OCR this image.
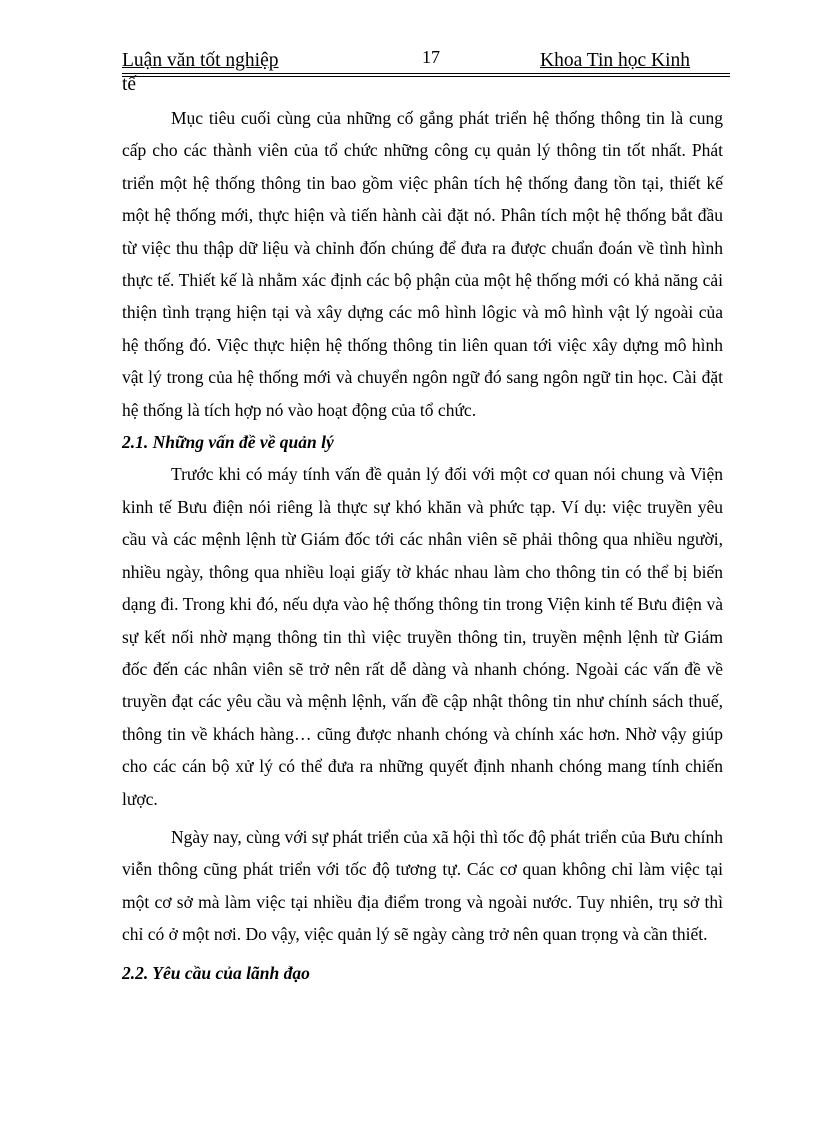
Luận văn tốt nghiệp	17	Khoa Tin học Kinh
tế

Mục tiêu cuối cùng của những cố gắng phát triển hệ thống thông tin là cung cấp cho các thành viên của tổ chức những công cụ quản lý thông tin tốt nhất. Phát triển một hệ thống thông tin bao gồm việc phân tích hệ thống đang tồn tại, thiết kế một hệ thống mới, thực hiện và tiến hành cài đặt nó. Phân tích một hệ thống bắt đầu từ việc thu thập dữ liệu và chỉnh đốn chúng để đưa ra được chuẩn đoán về tình hình thực tế. Thiết kế là nhằm xác định các bộ phận của một hệ thống mới có khả năng cải thiện tình trạng hiện tại và xây dựng các mô hình lôgic và mô hình vật lý ngoài của hệ thống đó. Việc thực hiện hệ thống thông tin liên quan tới việc xây dựng mô hình vật lý trong của hệ thống mới và chuyển ngôn ngữ đó sang ngôn ngữ tin học. Cài đặt hệ thống là tích hợp nó vào hoạt động của tổ chức.

2.1. Những vấn đề về quản lý

Trước khi có máy tính vấn đề quản lý đối với một cơ quan nói chung và Viện kinh tế Bưu điện nói riêng là thực sự khó khăn và phức tạp. Ví dụ: việc truyền yêu cầu và các mệnh lệnh từ Giám đốc tới các nhân viên sẽ phải thông qua nhiều người, nhiều ngày, thông qua nhiều loại giấy tờ khác nhau làm cho thông tin có thể bị biến dạng đi. Trong khi đó, nếu dựa vào hệ thống thông tin trong Viện kinh tế Bưu điện và sự kết nối nhờ mạng thông tin thì việc truyền thông tin, truyền mệnh lệnh từ Giám đốc đến các nhân viên sẽ trở nên rất dễ dàng và nhanh chóng. Ngoài các vấn đề về truyền đạt các yêu cầu và mệnh lệnh, vấn đề cập nhật thông tin như chính sách thuế, thông tin về khách hàng… cũng được nhanh chóng và chính xác hơn. Nhờ vậy giúp cho các cán bộ xử lý có thể đưa ra những quyết định nhanh chóng mang tính chiến lược.

Ngày nay, cùng với sự phát triển của xã hội thì tốc độ phát triển của Bưu chính viễn thông cũng phát triển với tốc độ tương tự. Các cơ quan không chỉ làm việc tại một cơ sở mà làm việc tại nhiều địa điểm trong và ngoài nước. Tuy nhiên, trụ sở thì chỉ có ở một nơi. Do vậy, việc quản lý sẽ ngày càng trở nên quan trọng và cần thiết.

2.2. Yêu cầu của lãnh đạo
